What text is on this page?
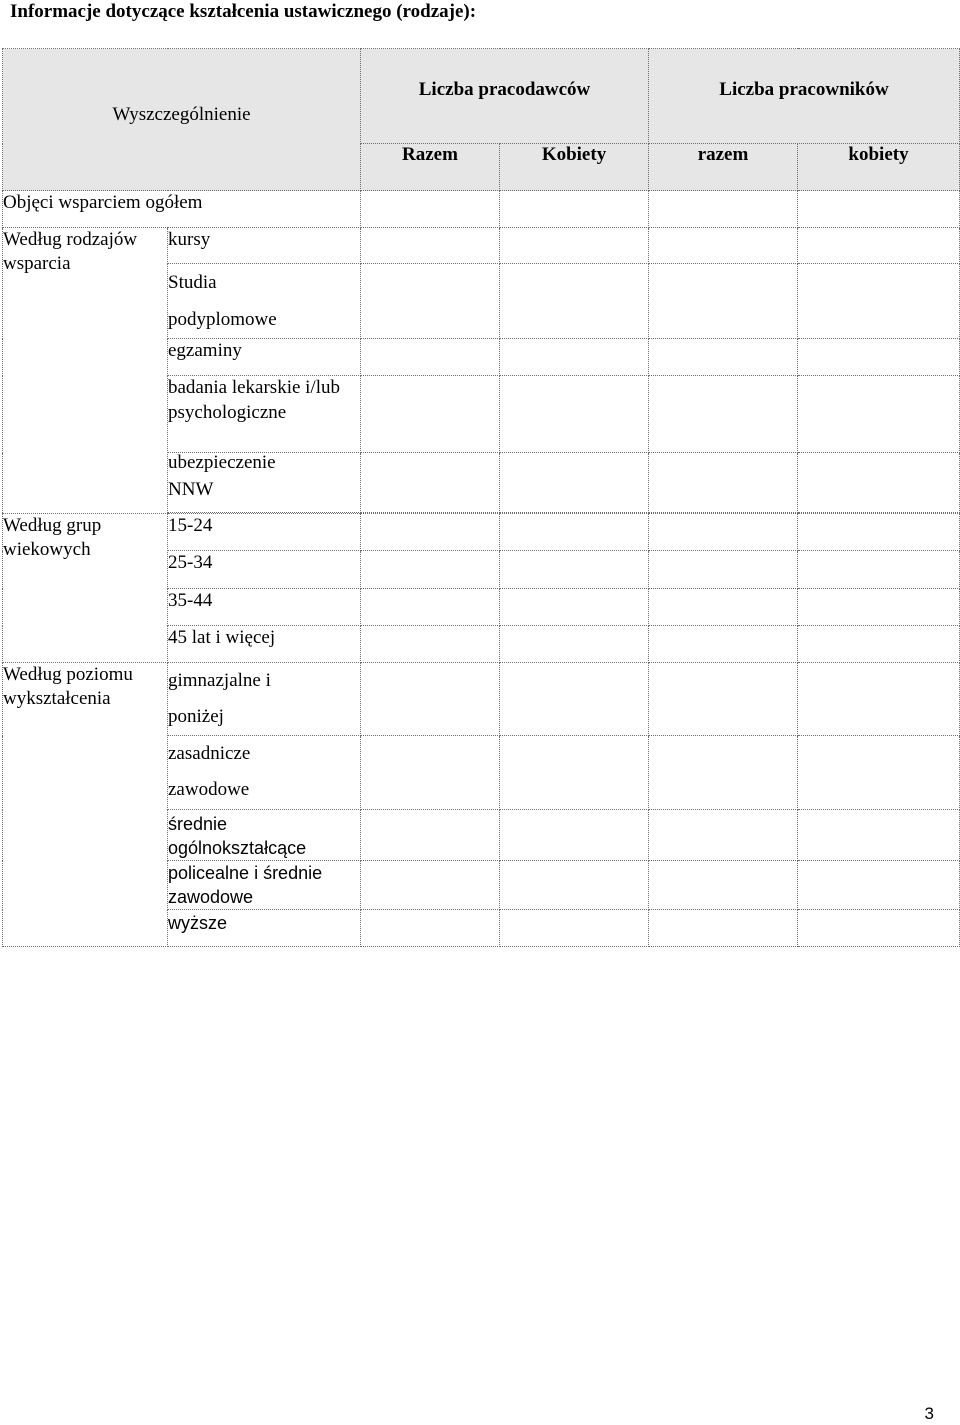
Informacje dotyczące kształcenia ustawicznego (rodzaje):
Wyszczególnienie		Liczba pracodawców		Liczba pracowników	
		Razem	Kobiety	razem	kobiety
Objęci wsparciem ogółem					
Według rodzajów wsparcia	kursy				

	Studia
podyplomowe				

	egzaminy				
	badania lekarskie i/lub psychologiczne				

	ubezpieczenie
NNW				

Według grup wiekowych	15-24				
	25-34				
	35-44				
	45 lat i więcej				
Według poziomu wykształcenia	gimnazjalne i
poniżej				

	zasadnicze
zawodowe				

	średnie ogólnokształcące				
	policealne i średnie zawodowe				
	wyższe				
3
